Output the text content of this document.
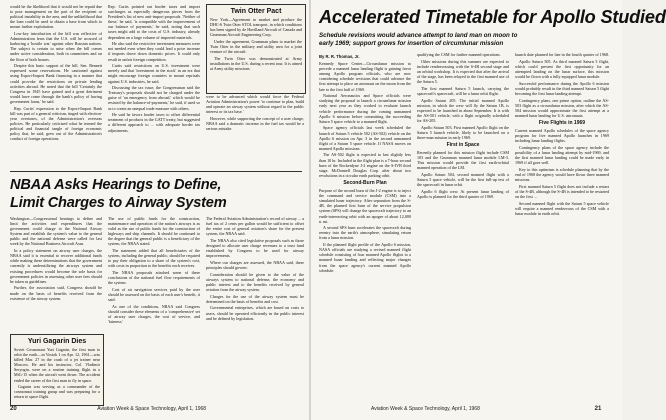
would be the likelihood that it would not be repaid due to poor management on the part of the recipient or political instability in the area, and the unlikelihood that the loan could be used to obtain a base from which to mount further exploitation.

Low-key introduction of the bill was reflective of Administration fears that the U.S. will be accused of harboring a 'hostile war' against other Russian nations. The subject is certain to arise when the bill comes under active consideration, both in committees and on the floor of both houses.

Despite this basic support of the bill, Sen. Bennett expressed some reservations. He cautioned against using Export-Import Bank financing in a manner that could provoke the restrictions on private lending activities abroad. He noted that the bill 'Certainly the Congress in 1945 have gained and a great detriment would have come through the bank's policy of having government loans,' he said.

Rep. Curtis' expression to the Export-Import Bank bill was part of a general criticism, tinged with election-year overtones, of the Administration's overseas policies. He particularly criticized what he termed the political and financial tangle of foreign economic policy that, he said, grew out of the Administration's conduct of foreign operations.

Rep. Curtis pointed out border taxes and import surcharges as especially dangerous pieces from the President's list of new anti-import proposals. 'Neither of these,' he said, 'is compatible with the improvement of our balance of payments,' he said, noting that such taxes might add to the costs of U.S. industry, already dependent on a large volume of imported materials.

He also said the restrictive investment measures were not needed even when they could lead a price increase if imports drove down domestic prices. It could only result in unfair foreign competition.

Curtis said restrictions on U.S. investment were merely and that 'investment in the stock' in an era that might encourage foreign countries to mount reprisals against U.S. industries, he said.

Discussing the tax issue, the Congressman said the Treasury's proposals should not be charged under the guise of 'an emergency from abroad,' which would be resisted by the balance-of-payments,' he said, if used so as to create an unequal trade measure with others.

He said he favors border taxes to offset differential treatment of products in the GATT treaty, but suggested a different approach to ... with adequate border tax adjustments.

Twin Otter Pact

New York—Agreement to market and produce the DHC-6 Twin Otter STOL transport, in which conditions has been signed by de Havilland Aircraft of Canada and Grumman Aircraft Engineering Corp.

Under the agreement, Grumman plans to market the Twin Otter in the military and utility area for a joint venture of the aircraft.

The Twin Otter was demonstrated at Army installations in the U.S. during a recent tour. It is aimed at Army utility missions.

were to be advanced which would force the Federal Aviation Administration's power 'to continue to plan, build and operate an airway system without regard to the public interest or its tax base.'

However, while supporting the concept of a user charge, NBAA said a dramatic increase in the fuel tax would be a serious mistake.

NBAA Asks Hearings to Define,
Limit Charges to Airway System

Washington—Congressional hearings to define and limit the activities and expenditures that the government could charge to the National Airway System and establish the system's value to the general public and the national defense were called for last week by the National Business Aircraft Assn.

In a policy statement on airway user charges, the NBAA said it is essential to recover additional funds while making these determinations that the government currently is underutilizing the airways system and existing procedures would become the sole basis for government policies in assessing other user fees should be taken as guidelines.

Further, the association said, Congress should be made on the basis of benefits received from the existence of the airway system.

The use of public funds for the construction, maintenance and operation of the nation's airways is as valid as the use of public funds for the construction of highways and ship channels. It should be continued to the degree that the general public is a beneficiary of the system, the NBAA stated.

The statement added that all beneficiaries of the system, including the general public, should be required to pay their obligation to a share of the system's cost, with costs in proportion to the benefits each receives.

The NBAA proposals attached some of these conclusions of the national fuel flow requirements of the system:

Cost of air navigation services paid by the user should be assessed on the basis of each user's benefit, it said.

As one of the conditions, NBAA said Congress should consider these elements of a 'comprehensive' set of airway user charges, the cost of service, and 'fairness.'

The Federal Aviation Administration's record of airway ... a fuel tax of 2 cents per gallon would be sufficient to offset the entire cost of general aviation's share for the present system, the NBAA said.

The NBAA also cited legislative proposals such as those designed to allocate user charge revenues to a trust fund established by Congress to be used for airway improvements.

Where our charges are assessed, the NBAA said, these principles should govern:

Consideration should be given to the value of the airways system to national defense, the economy and public interest and to the benefits received by general aviation from the airway system.

Charges for the use of the airway system must be determined on the basis of benefits and cost.

Governmental enterprises, which are based on costs to users, should be operated efficiently in the public interest and be defined by legislation.

Yuri Gagarin Dies

Soviet Cosmonaut Yuri Gagarin, the first man to orbit the earth—in Vostok 1 on Apr. 12, 1961—was killed Mar. 27 in the crash of a jet trainer near Moscow. He and his instructor, Col. Vladimir Seryogin, were on a routine training flight in a MiG-15 when the aircraft went down. The accident ended the career of the first man to fly in space.

Gagarin was serving as a commander of the cosmonaut training group and was preparing for a return to space flight.

20	Aviation Week & Space Technology, April 1, 1968
Accelerated Timetable for Apollo Studied
Schedule revisions would advance attempt to land man on moon to early 1969; support grows for insertion of circumlunar mission
By R. R. Thomas, Jr.

Kennedy Space Center—Circumlunar mission to precede a manned lunar landing flight is gaining favor among Apollo program officials, who are now considering schedule revisions that could advance the first attempt to place an astronaut on the moon from the late to the first half of 1969.

National Aeronautics and Space officials were studying the proposal to launch a circumlunar mission early next year as they worked to evaluate launch vehicle performance during the coming unmanned Apollo 6 mission before committing the succeeding Saturn 5 space vehicle to a manned flight.

Space agency officials last week scheduled the launch of Saturn 5 vehicle 502 (AS-502) vehicle on the Apollo 6 mission on Apr. 3 in the second unmanned flight of a Saturn 5 space vehicle. If NASA moves on manned Apollo missions.

The AS-502 flight is expected to last slightly less than 10 hr. Included in the flight plan is a 7-hour second burn of the Rocketdyne J-2 engine on the S-IVB third stage. McDonnell Douglas Corp. after about two revolutions in a circular earth parking orbit.

Second-Burn Plan

Purpose of the second burn of the J-2 engine is to inject the command and service module (CSM) into a simulated lunar trajectory. After separation from the S-4B, the planned first burn of the service propulsion system (SPS) will change the spacecraft trajectory to an earth-intersecting orbit with an apogee of about 12,000 n. mi.

A second SPS burn accelerates the spacecraft during reentry into the earth's atmosphere, simulating return from a lunar mission.

If the planned flight profile of the Apollo 6 mission, NASA officials are studying a revised manned flight schedule consisting of four manned Apollo flights to a manned lunar landing and reflecting major changes from the space agency's current manned Apollo schedule.

qualifying the CSM for further manned operations.

Other missions during this summer are expected to include rendezvousing with the S-4B second stage and an orbital workshop. It is expected that after the arrival of the stage, has been relayed to the first manned use of the Saturn 5.

The first manned Saturn 5 launch, carrying the spacecraft's spacecraft, will be a lunar orbit flight.

Apollo Saturn 205. The initial manned Apollo mission, in which the crew will fly the Saturn 1B, is expected to be launched in about September. It is with the AS-501 vehicle, with a flight originally scheduled for AS-205.

Apollo Saturn 503. First manned Apollo flight on the Saturn 5 launch vehicle, likely to be launched on a three-man mission in early 1969.

First in Space

Recently planned for this mission flight include CSM 103 and the Grumman manned lunar module LM-3. This mission would provide the first earth-orbital manned operation of the LM.

Apollo Saturn 504, second manned flight with a Saturn 5 space vehicle, will be the first full-up test of the spacecraft in lunar orbit.

Apollo 6 flight crew. At present lunar landing of Apollo is planned for the third quarter of 1969.

launch date planned for late in the fourth quarter of 1968.

Apollo Saturn 505. As third manned Saturn 5 flight, which could present the first opportunity for an attempted landing on the lunar surface, this mission would be flown with a fully equipped lunar module.

Successful performance during the Apollo 6 mission would probably result in the third manned Saturn 5 flight becoming the first lunar landing attempt.

Contingency plans, one prime option, outline the AS-503 flight as a circumlunar mission, after which the AS-504 mission would approximate the first attempt at a manned lunar landing for U.S. astronauts.

Five Flights in 1969

Current manned Apollo schedules of the space agency program for five manned Apollo launches in 1969 including lunar landing flights.

Contingency plans of the space agency include the possibility of a lunar landing attempt by mid-1969, and the first manned lunar landing could be made early in 1969 if all goes well.

Key to this optimism is schedule planning that by the end of 1968 the agency would have flown three manned missions.

First manned Saturn 5 flight does not include a restart of the S-4B, although the S-4B is intended to be restarted on the first ...

Second manned flight with the Saturn 5 space vehicle will require a manned rendezvous of the CSM with a lunar module in earth orbit.

Aviation Week & Space Technology, April 1, 1968	21
